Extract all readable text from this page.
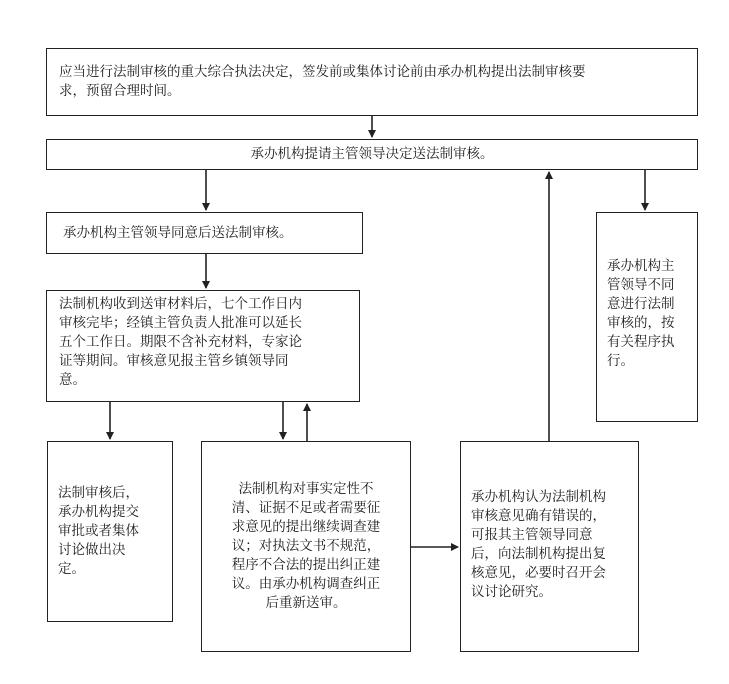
应当进行法制审核的重大综合执法决定，签发前或集体讨论前由承办机构提出法制审核要
求，预留合理时间。
承办机构提请主管领导决定送法制审核。
承办机构主管领导同意后送法制审核。
法制机构收到送审材料后，七个工作日内
审核完毕；经镇主管负责人批准可以延长
五个工作日。期限不含补充材料，专家论
证等期间。审核意见报主管乡镇领导同
意。
承办机构主
管领导不同
意进行法制
审核的，按
有关程序执
行。
法制审核后，
承办机构提交
审批或者集体
讨论做出决
定。
法制机构对事实定性不
清、证据不足或者需要征
求意见的提出继续调查建
议；对执法文书不规范，
程序不合法的提出纠正建
议。由承办机构调查纠正
后重新送审。
承办机构认为法制机构
审核意见确有错误的，
可报其主管领导同意
后，向法制机构提出复
核意见，必要时召开会
议讨论研究。
